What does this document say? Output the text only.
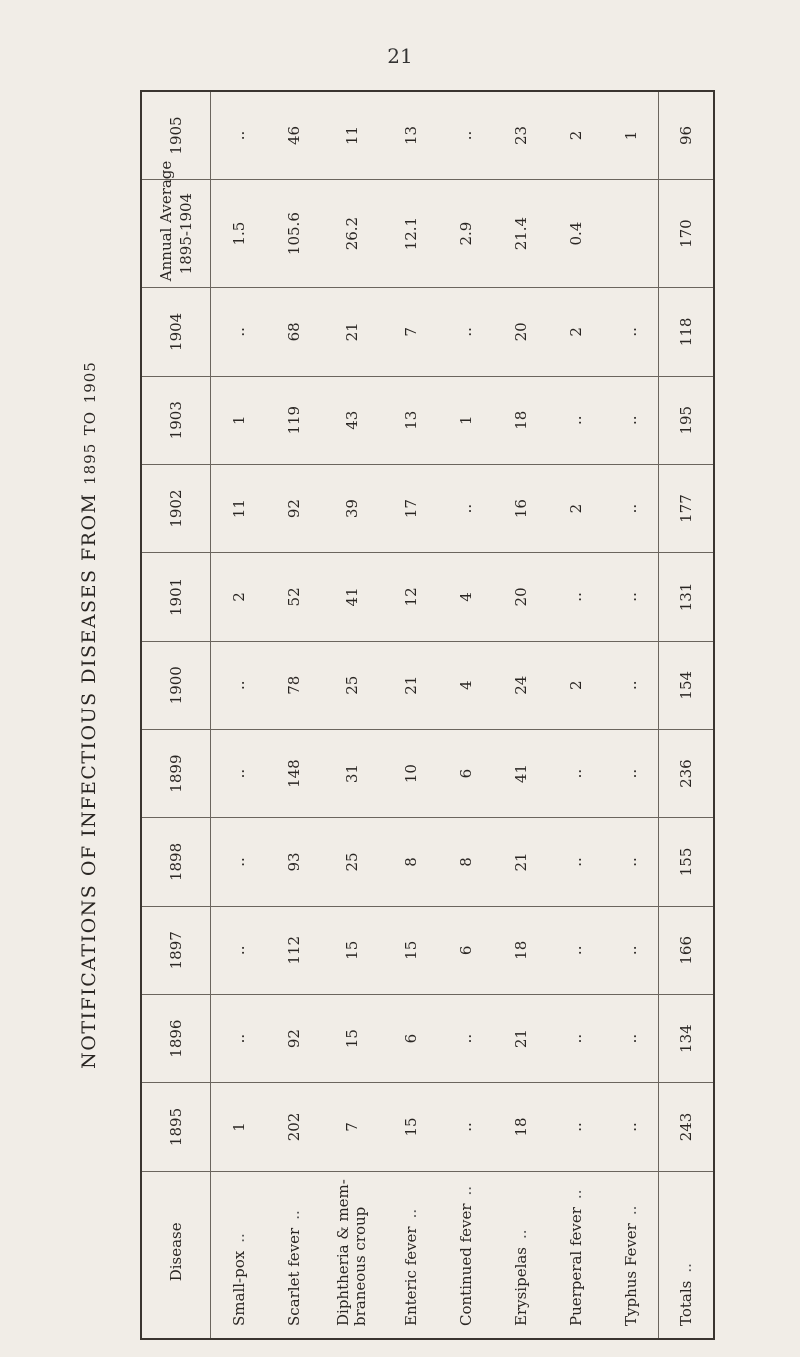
21
NOTIFICATIONS OF INFECTIOUS DISEASES FROM 1895 TO 1905
Disease	1895	1896	1897	1898	1899	1900	1901	1902	1903	1904	Annual Average 1895-1904	1905
Small-pox..	1	..	..	..	..	..	2	11	1	..	1.5	..
Scarlet fever..	202	92	112	93	148	78	52	92	119	68	105.6	46
Diphtheria & mem-
braneous croup	7	15	15	25	31	25	41	39	43	21	26.2	11
Enteric fever..	15	6	15	8	10	21	12	17	13	7	12.1	13
Continued fever..	..	..	6	8	6	4	4	..	1	..	2.9	..
Erysipelas..	18	21	18	21	41	24	20	16	18	20	21.4	23
Puerperal fever..	..	..	..	..	..	2	..	2	..	2	0.4	2
Typhus Fever..	..	..	..	..	..	..	..	..	..	..		1
Totals..	243	134	166	155	236	154	131	177	195	118	170	96
